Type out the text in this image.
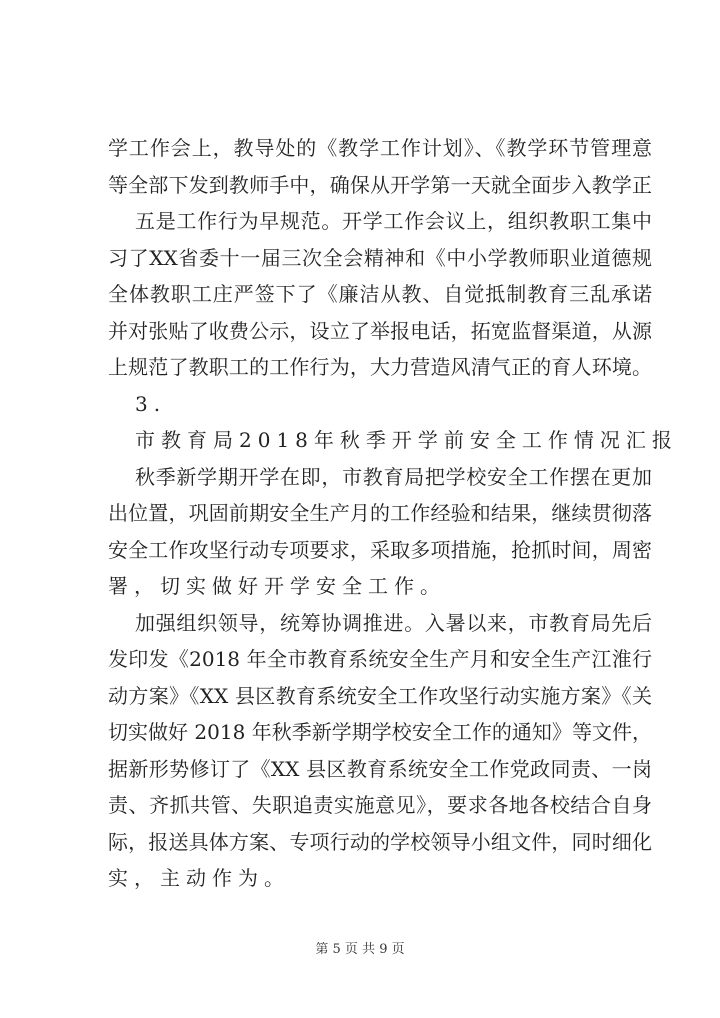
学工作会上，教导处的《教学工作计划》、《教学环节管理意
等全部下发到教师手中，确保从开学第一天就全面步入教学正
五是工作行为早规范。开学工作会议上，组织教职工集中
习了XX省委十一届三次全会精神和《中小学教师职业道德规
全体教职工庄严签下了《廉洁从教、自觉抵制教育三乱承诺
并对张贴了收费公示，设立了举报电话，拓宽监督渠道，从源
上规范了教职工的工作行为，大力营造风清气正的育人环境。
3.
市教育局2018年秋季开学前安全工作情况汇报
秋季新学期开学在即，市教育局把学校安全工作摆在更加
出位置，巩固前期安全生产月的工作经验和结果，继续贯彻落
安全工作攻坚行动专项要求，采取多项措施，抢抓时间，周密
署，切实做好开学安全工作。
加强组织领导，统筹协调推进。入暑以来，市教育局先后
发印发《2018 年全市教育系统安全生产月和安全生产江淮行
动方案》《XX 县区教育系统安全工作攻坚行动实施方案》《关
切实做好 2018 年秋季新学期学校安全工作的通知》等文件，
据新形势修订了《XX 县区教育系统安全工作党政同责、一岗
责、齐抓共管、失职追责实施意见》，要求各地各校结合自身
际，报送具体方案、专项行动的学校领导小组文件，同时细化
实，主动作为。
第 5 页 共 9 页
